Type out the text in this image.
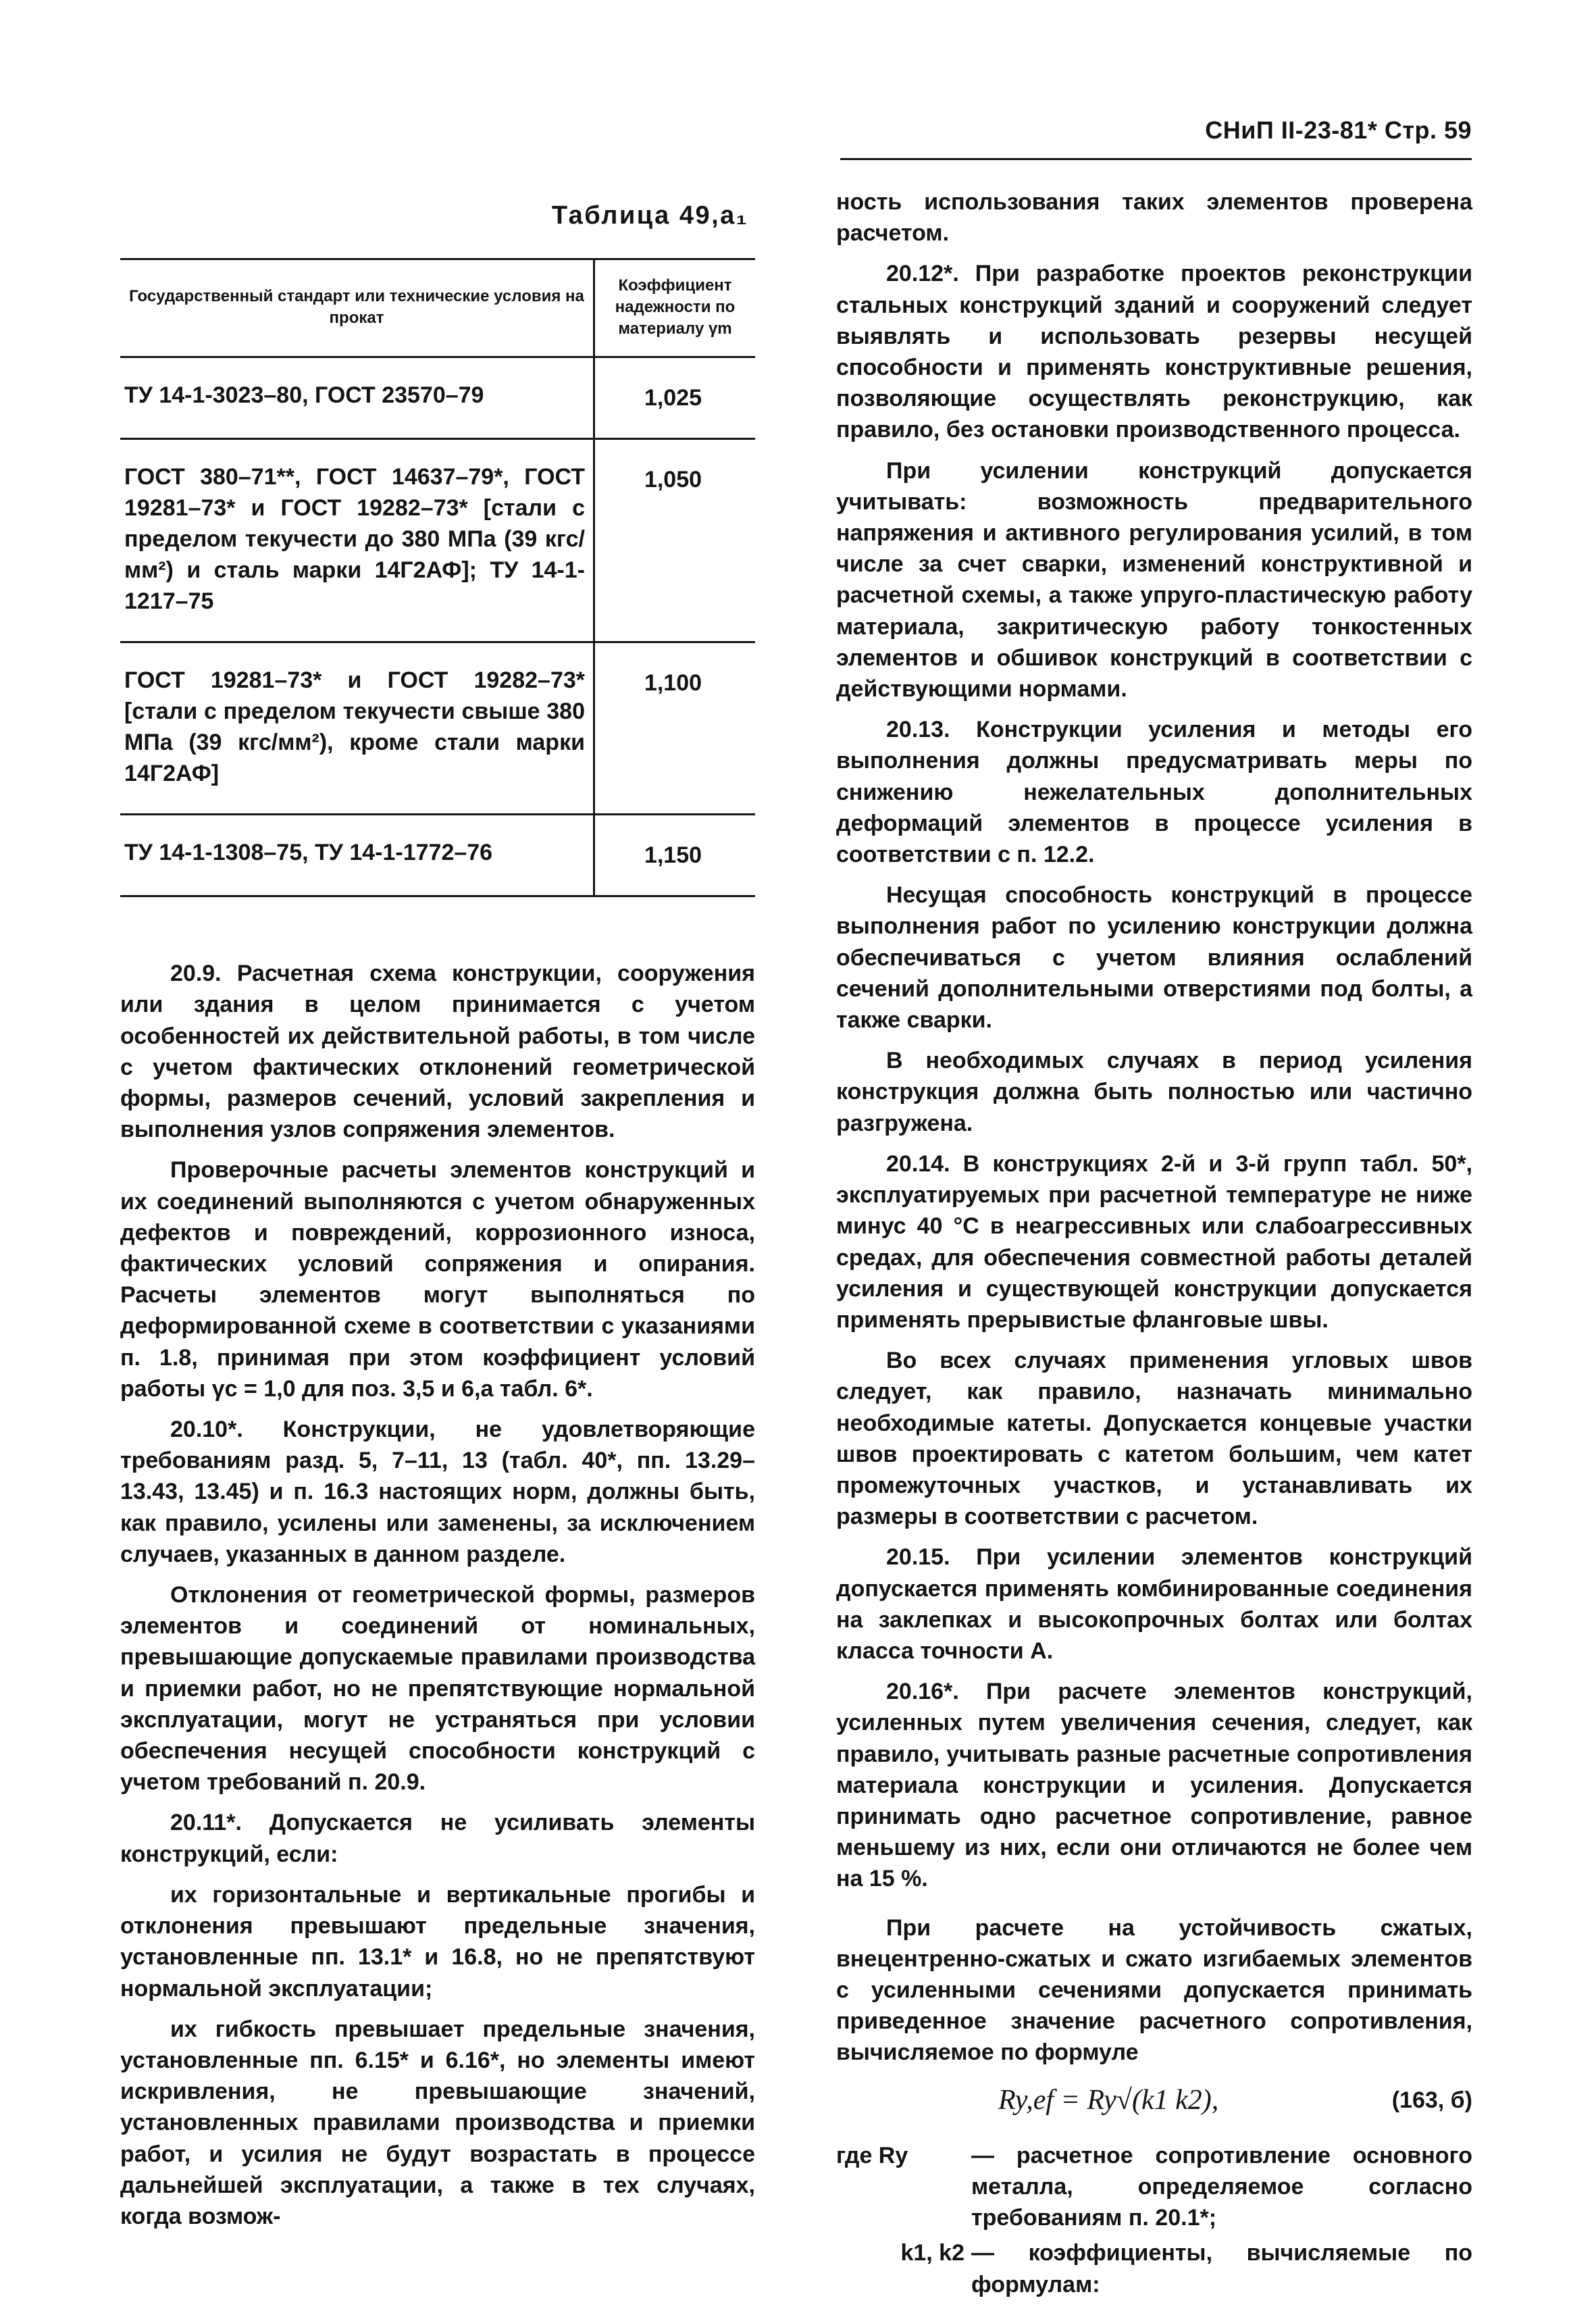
СНиП II-23-81* Стр. 59
Таблица 49,а₁
Государственный стандарт или технические условия на прокат	Коэффициент надежности по материалу γm
ТУ 14-1-3023–80, ГОСТ 23570–79	1,025
ГОСТ 380–71**, ГОСТ 14637–79*, ГОСТ 19281–73* и ГОСТ 19282–73* [стали с пределом текучести до 380 МПа (39 кгс/мм²) и сталь марки 14Г2АФ]; ТУ 14-1-1217–75	1,050
ГОСТ 19281–73* и ГОСТ 19282–73* [стали с пределом текучести свыше 380 МПа (39 кгс/мм²), кроме стали марки 14Г2АФ]	1,100
ТУ 14-1-1308–75, ТУ 14-1-1772–76	1,150

20.9. Расчетная схема конструкции, сооружения или здания в целом принимается с учетом особенностей их действительной работы, в том числе с учетом фактических отклонений геометрической формы, размеров сечений, условий закрепления и выполнения узлов сопряжения элементов.

Проверочные расчеты элементов конструкций и их соединений выполняются с учетом обнаруженных дефектов и повреждений, коррозионного износа, фактических условий сопряжения и опирания. Расчеты элементов могут выполняться по деформированной схеме в соответствии с указаниями п. 1.8, принимая при этом коэффициент условий работы γc = 1,0 для поз. 3,5 и 6,а табл. 6*.

20.10*. Конструкции, не удовлетворяющие требованиям разд. 5, 7–11, 13 (табл. 40*, пп. 13.29–13.43, 13.45) и п. 16.3 настоящих норм, должны быть, как правило, усилены или заменены, за исключением случаев, указанных в данном разделе.

Отклонения от геометрической формы, размеров элементов и соединений от номинальных, превышающие допускаемые правилами производства и приемки работ, но не препятствующие нормальной эксплуатации, могут не устраняться при условии обеспечения несущей способности конструкций с учетом требований п. 20.9.

20.11*. Допускается не усиливать элементы конструкций, если:

их горизонтальные и вертикальные прогибы и отклонения превышают предельные значения, установленные пп. 13.1* и 16.8, но не препятствуют нормальной эксплуатации;

их гибкость превышает предельные значения, установленные пп. 6.15* и 6.16*, но элементы имеют искривления, не превышающие значений, установленных правилами производства и приемки работ, и усилия не будут возрастать в процессе дальнейшей эксплуатации, а также в тех случаях, когда возмож-

ность использования таких элементов проверена расчетом.

20.12*. При разработке проектов реконструкции стальных конструкций зданий и сооружений следует выявлять и использовать резервы несущей способности и применять конструктивные решения, позволяющие осуществлять реконструкцию, как правило, без остановки производственного процесса.

При усилении конструкций допускается учитывать: возможность предварительного напряжения и активного регулирования усилий, в том числе за счет сварки, изменений конструктивной и расчетной схемы, а также упруго-пластическую работу материала, закритическую работу тонкостенных элементов и обшивок конструкций в соответствии с действующими нормами.

20.13. Конструкции усиления и методы его выполнения должны предусматривать меры по снижению нежелательных дополнительных деформаций элементов в процессе усиления в соответствии с п. 12.2.

Несущая способность конструкций в процессе выполнения работ по усилению конструкции должна обеспечиваться с учетом влияния ослаблений сечений дополнительными отверстиями под болты, а также сварки.

В необходимых случаях в период усиления конструкция должна быть полностью или частично разгружена.

20.14. В конструкциях 2-й и 3-й групп табл. 50*, эксплуатируемых при расчетной температуре не ниже минус 40 °С в неагрессивных или слабоагрессивных средах, для обеспечения совместной работы деталей усиления и существующей конструкции допускается применять прерывистые фланговые швы.

Во всех случаях применения угловых швов следует, как правило, назначать минимально необходимые катеты. Допускается концевые участки швов проектировать с катетом большим, чем катет промежуточных участков, и устанавливать их размеры в соответствии с расчетом.

20.15. При усилении элементов конструкций допускается применять комбинированные соединения на заклепках и высокопрочных болтах или болтах класса точности А.

20.16*. При расчете элементов конструкций, усиленных путем увеличения сечения, следует, как правило, учитывать разные расчетные сопротивления материала конструкции и усиления. Допускается принимать одно расчетное сопротивление, равное меньшему из них, если они отличаются не более чем на 15 %.

При расчете на устойчивость сжатых, внецентренно-сжатых и сжато изгибаемых элементов с усиленными сечениями допускается принимать приведенное значение расчетного сопротивления, вычисляемое по формуле

Ry,ef = Ry√(k1 k2),	(163, б)
где Ry	— расчетное сопротивление основного металла, определяемое согласно требованиям п. 20.1*;
k1, k2 — коэффициенты, вычисляемые по формулам:
